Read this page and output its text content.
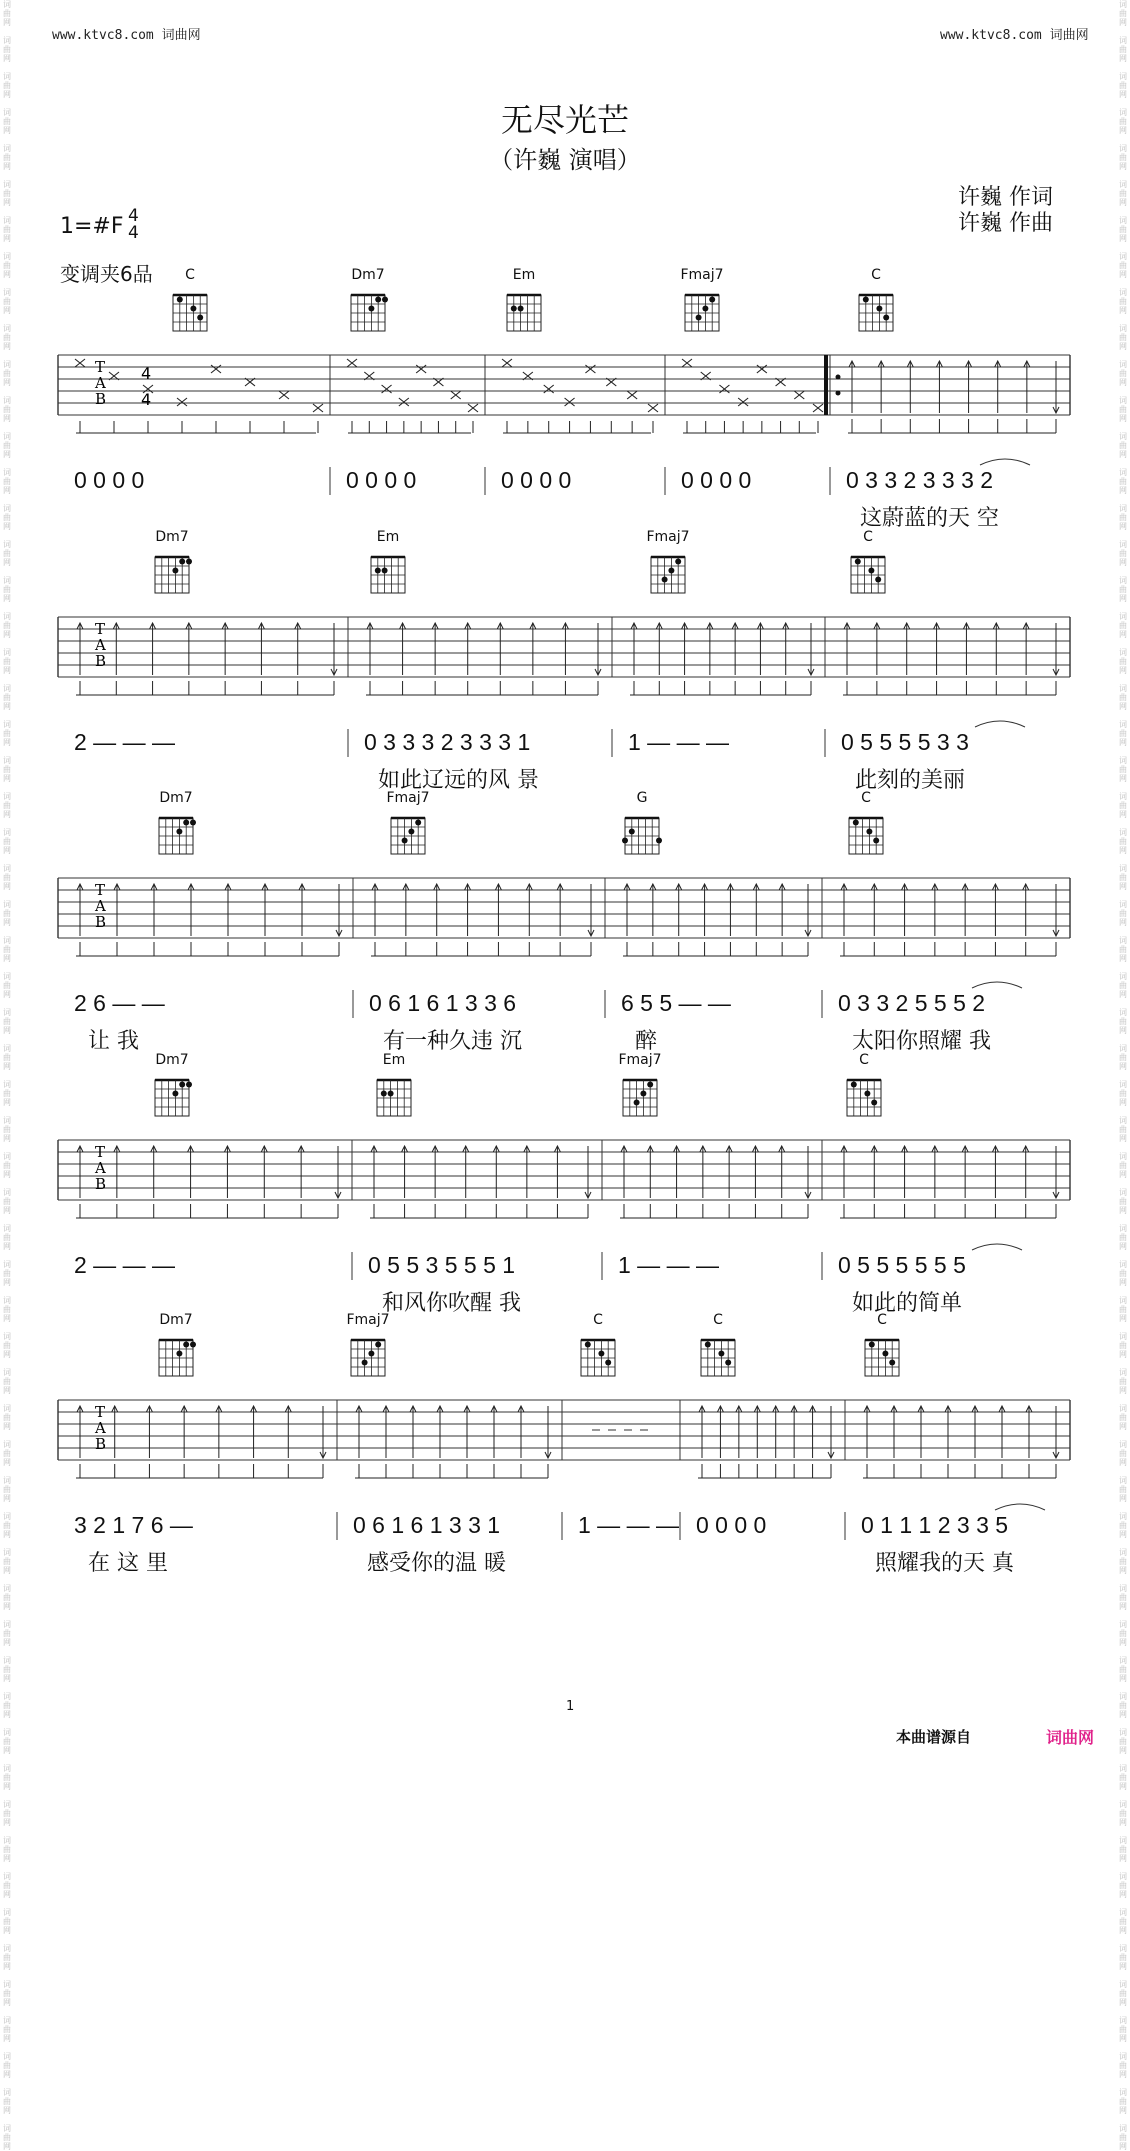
词
曲
网

词
曲
网

词
曲
网

词
曲
网

词
曲
网

词
曲
网

词
曲
网

词
曲
网

词
曲
网

词
曲
网

词
曲
网

词
曲
网

词
曲
网

词
曲
网

词
曲
网

词
曲
网

词
曲
网

词
曲
网

词
曲
网

词
曲
网

词
曲
网

词
曲
网

词
曲
网

词
曲
网

词
曲
网

词
曲
网

词
曲
网

词
曲
网

词
曲
网

词
曲
网

词
曲
网

词
曲
网

词
曲
网

词
曲
网

词
曲
网

词
曲
网

词
曲
网

词
曲
网

词
曲
网

词
曲
网

词
曲
网

词
曲
网

词
曲
网

词
曲
网

词
曲
网

词
曲
网

词
曲
网

词
曲
网

词
曲
网

词
曲
网

词
曲
网

词
曲
网

词
曲
网

词
曲
网

词
曲
网

词
曲
网

词
曲
网

词
曲
网

词
曲
网

词
曲
网

词
曲
网

词
曲
网

词
曲
网

词
曲
网

词
曲
网

词
曲
网

词
曲
网

词
曲
网

词
曲
网

词
曲
网

词
曲
网

词
曲
网

词
曲
网

词
曲
网

词
曲
网

词
曲
网

词
曲
网

词
曲
网

词
曲
网

词
曲
网

词
曲
网

词
曲
网

词
曲
网

词
曲
网

词
曲
网

词
曲
网

词
曲
网

词
曲
网

词
曲
网

词
曲
网

词
曲
网

词
曲
网

词
曲
网

词
曲
网

词
曲
网

词
曲
网

词
曲
网

词
曲
网

词
曲
网

词
曲
网

词
曲
网

词
曲
网

词
曲
网

词
曲
网

词
曲
网

词
曲
网

词
曲
网

词
曲
网

词
曲
网

词
曲
网

词
曲
网

词
曲
网

词
曲
网

词
曲
网

词
曲
网

词
曲
网

词
曲
网

词
曲
网

词
曲
网

词
曲
网

www.ktvc8.com 词曲网	www.ktvc8.com 词曲网
无尽光芒
（许巍 演唱）
许巍 作词
许巍 作曲
1=#F 4
4
变调夹6品
T
A
B
4
4
T
A
B
T
A
B
T
A
B
T
A
B
C	Dm7	Em	Fmaj7	C
0 0 0 0	0 0 0 0	0 0 0 0	0 0 0 0	0 3 3 2 3 3 3 2
这蔚蓝的天 空
Dm7	Em	Fmaj7	C
2 — — —	0 3 3 3 2 3 3 3 1	1 — — —	0 5 5 5 5 3 3
如此辽远的风 景	此刻的美丽
Dm7	Fmaj7	G	C
2 6 — —	0 6 1 6 1 3 3 6	6 5 5 — —	0 3 3 2 5 5 5 2
让 我	有一种久违 沉	醉	太阳你照耀 我
Dm7	Em	Fmaj7	C
2 — — —	0 5 5 3 5 5 5 1	1 — — —	0 5 5 5 5 5 5
和风你吹醒 我	如此的简单
Dm7	Fmaj7	C	C	C
3 2 1 7 6 —	0 6 1 6 1 3 3 1	1 — — — 0 0 0 0	0 1 1 1 2 3 3 5
在 这 里	感受你的温 暖	照耀我的天 真
1
本曲谱源自	词曲网
